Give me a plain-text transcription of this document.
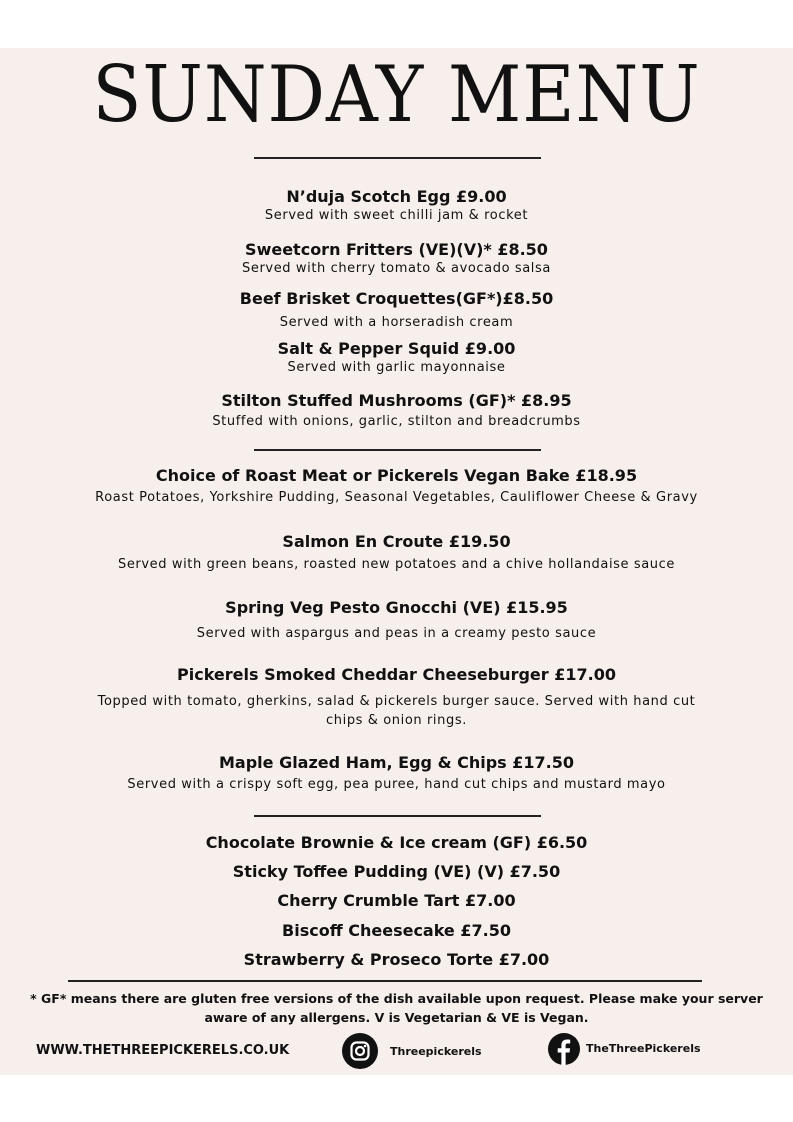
SUNDAY MENU
N’duja Scotch Egg £9.00
Served with sweet chilli jam & rocket
Sweetcorn Fritters (VE)(V)* £8.50
Served with cherry tomato & avocado salsa
Beef Brisket Croquettes(GF*)£8.50
Served with a horseradish cream
Salt & Pepper Squid £9.00
Served with garlic mayonnaise
Stilton Stuffed Mushrooms (GF)* £8.95
Stuffed with onions, garlic, stilton and breadcrumbs
Choice of Roast Meat or Pickerels Vegan Bake £18.95
Roast Potatoes, Yorkshire Pudding, Seasonal Vegetables, Cauliflower Cheese & Gravy
Salmon En Croute £19.50
Served with green beans, roasted new potatoes and a chive hollandaise sauce
Spring Veg Pesto Gnocchi (VE) £15.95
Served with aspargus and peas in a creamy pesto sauce
Pickerels Smoked Cheddar Cheeseburger £17.00
Topped with tomato, gherkins, salad & pickerels burger sauce. Served with hand cut chips & onion rings.
Maple Glazed Ham, Egg & Chips £17.50
Served with a crispy soft egg, pea puree, hand cut chips and mustard mayo
Chocolate Brownie & Ice cream (GF) £6.50
Sticky Toffee Pudding (VE) (V) £7.50
Cherry Crumble Tart £7.00
Biscoff Cheesecake £7.50
Strawberry & Proseco Torte £7.00
* GF* means there are gluten free versions of the dish available upon request. Please make your server aware of any allergens. V is Vegetarian & VE is Vegan.
WWW.THETHREEPICKERELS.CO.UK	Threepickerels	TheThreePickerels
